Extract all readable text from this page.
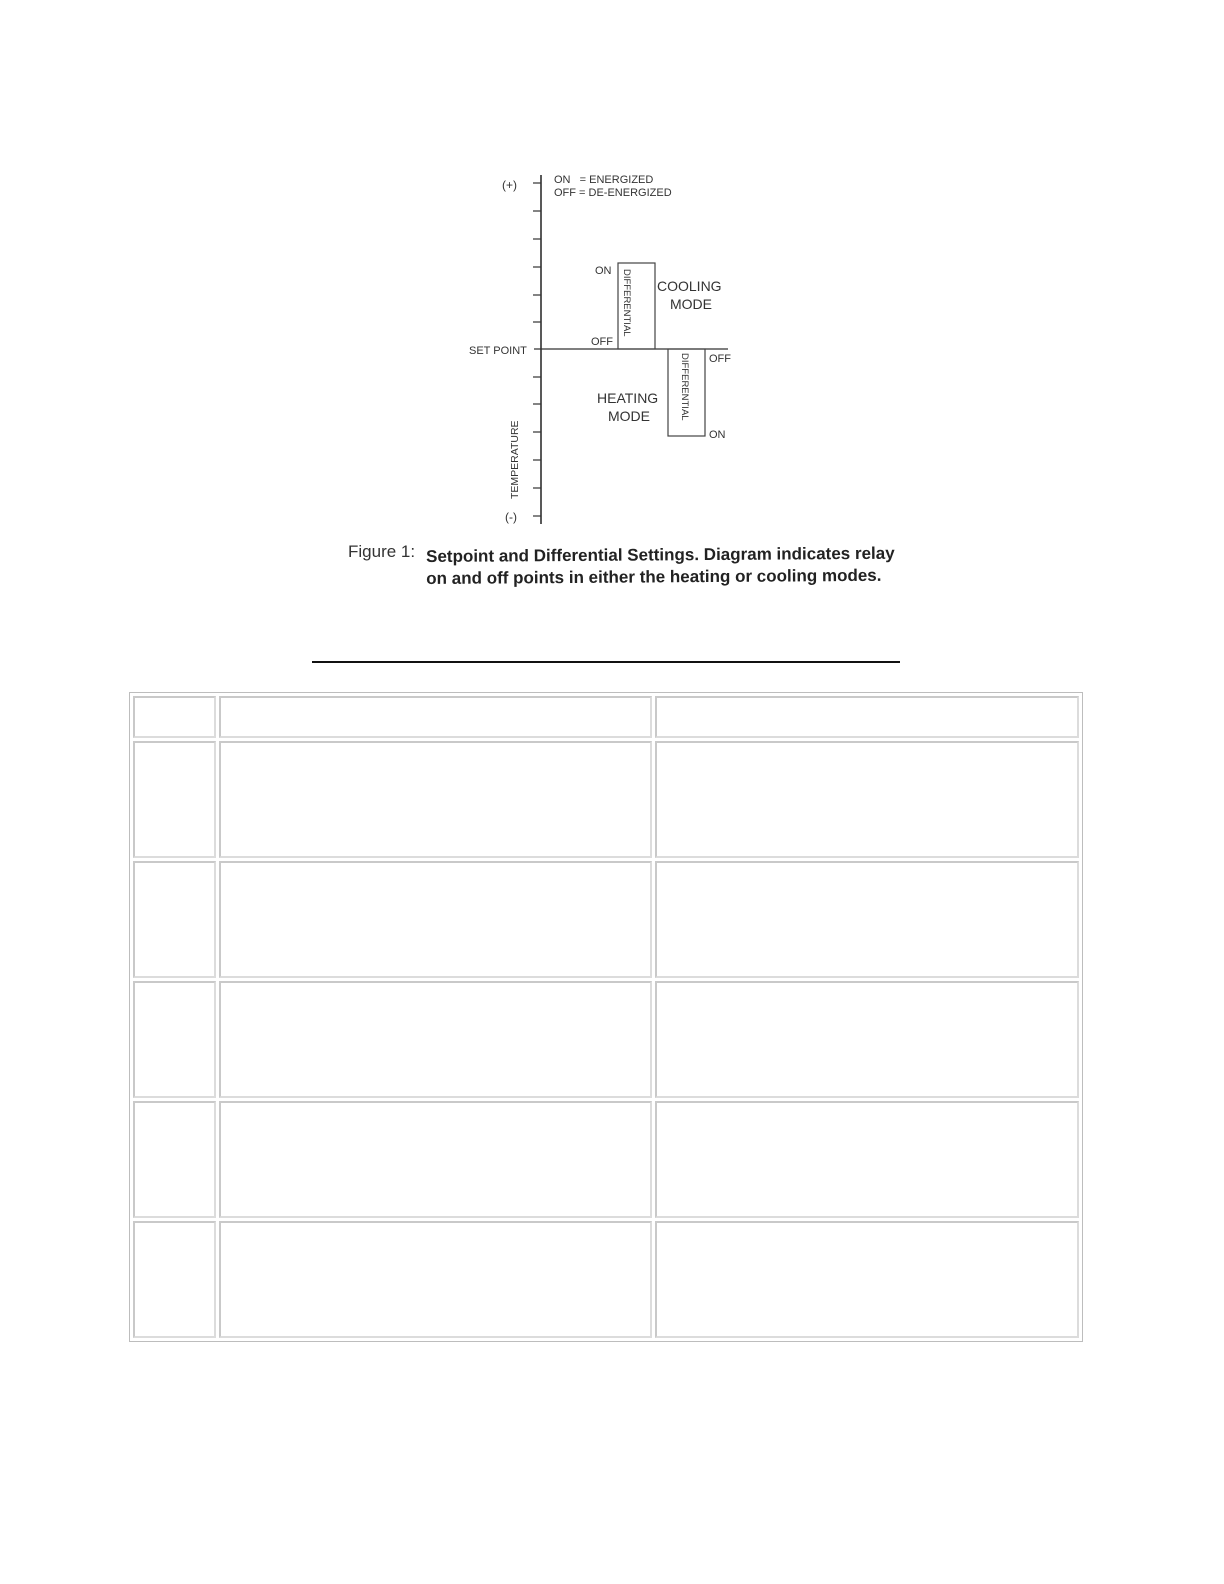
ON   = ENERGIZED
OFF = DE-ENERGIZED
(+)
(-)
SET POINT
TEMPERATURE
DIFFERENTIAL
ON
OFF
COOLING
MODE
DIFFERENTIAL OFF
ON
HEATING
MODE
Figure 1: Setpoint and Differential Settings. Diagram indicates relay on and off points in either the heating or cooling modes.
